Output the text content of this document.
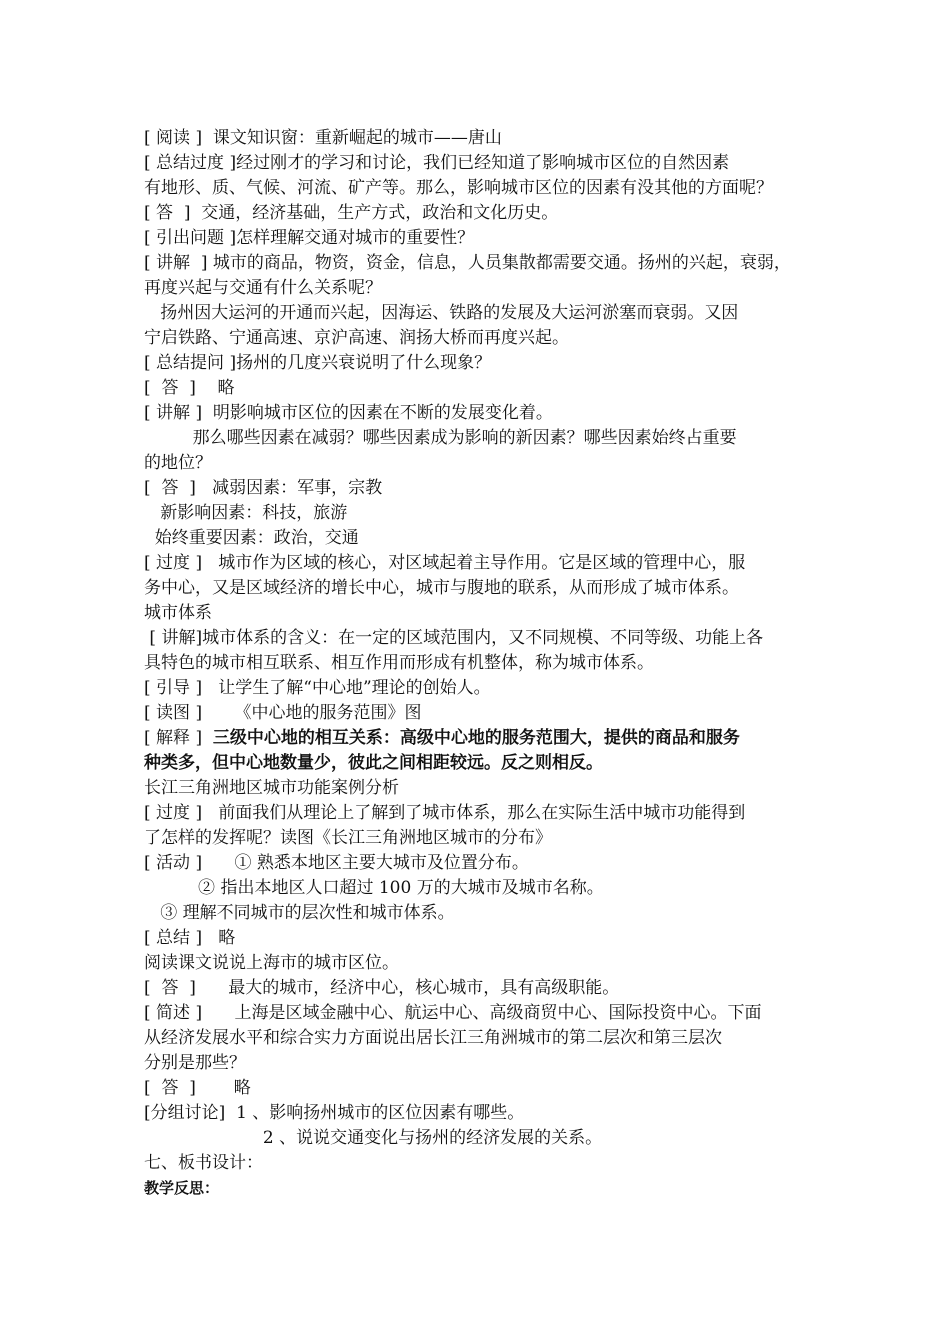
[ 阅读 ]  课文知识窗：重新崛起的城市——唐山
[ 总结过度 ]经过刚才的学习和讨论，我们已经知道了影响城市区位的自然因素
有地形、质、气候、河流、矿产等。那么，影响城市区位的因素有没其他的方面呢？
[ 答  ]  交通，经济基础，生产方式，政治和文化历史。
[ 引出问题 ]怎样理解交通对城市的重要性？
[ 讲解  ] 城市的商品，物资，资金，信息，人员集散都需要交通。扬州的兴起，衰弱，
再度兴起与交通有什么关系呢？
扬州因大运河的开通而兴起，因海运、铁路的发展及大运河淤塞而衰弱。又因
宁启铁路、宁通高速、京沪高速、润扬大桥而再度兴起。
[ 总结提问 ]扬州的几度兴衰说明了什么现象？
[  答  ]    略
[ 讲解 ]  明影响城市区位的因素在不断的发展变化着。
那么哪些因素在减弱？哪些因素成为影响的新因素？哪些因素始终占重要
的地位？
[  答  ]   减弱因素：军事，宗教
新影响因素：科技，旅游
始终重要因素：政治，交通
[ 过度 ]   城市作为区域的核心，对区域起着主导作用。它是区域的管理中心，服
务中心，又是区域经济的增长中心，城市与腹地的联系，从而形成了城市体系。
城市体系
[ 讲解]城市体系的含义：在一定的区域范围内，又不同规模、不同等级、功能上各
具特色的城市相互联系、相互作用而形成有机整体，称为城市体系。
[ 引导 ]   让学生了解“中心地”理论的创始人。
[ 读图 ]      《中心地的服务范围》图
[ 解释 ]  三级中心地的相互关系：高级中心地的服务范围大，提供的商品和服务
种类多，但中心地数量少，彼此之间相距较远。反之则相反。
长江三角洲地区城市功能案例分析
[ 过度 ]   前面我们从理论上了解到了城市体系，那么在实际生活中城市功能得到
了怎样的发挥呢？读图《长江三角洲地区城市的分布》
[ 活动 ]      ① 熟悉本地区主要大城市及位置分布。
② 指出本地区人口超过 100 万的大城市及城市名称。
③ 理解不同城市的层次性和城市体系。
[ 总结 ]   略
阅读课文说说上海市的城市区位。
[  答  ]      最大的城市，经济中心，核心城市，具有高级职能。
[ 简述 ]      上海是区域金融中心、航运中心、高级商贸中心、国际投资中心。下面
从经济发展水平和综合实力方面说出居长江三角洲城市的第二层次和第三层次
分别是那些？
[  答  ]       略
[分组讨论]  1 、影响扬州城市的区位因素有哪些。
2 、说说交通变化与扬州的经济发展的关系。
七、板书设计：
教学反思：
